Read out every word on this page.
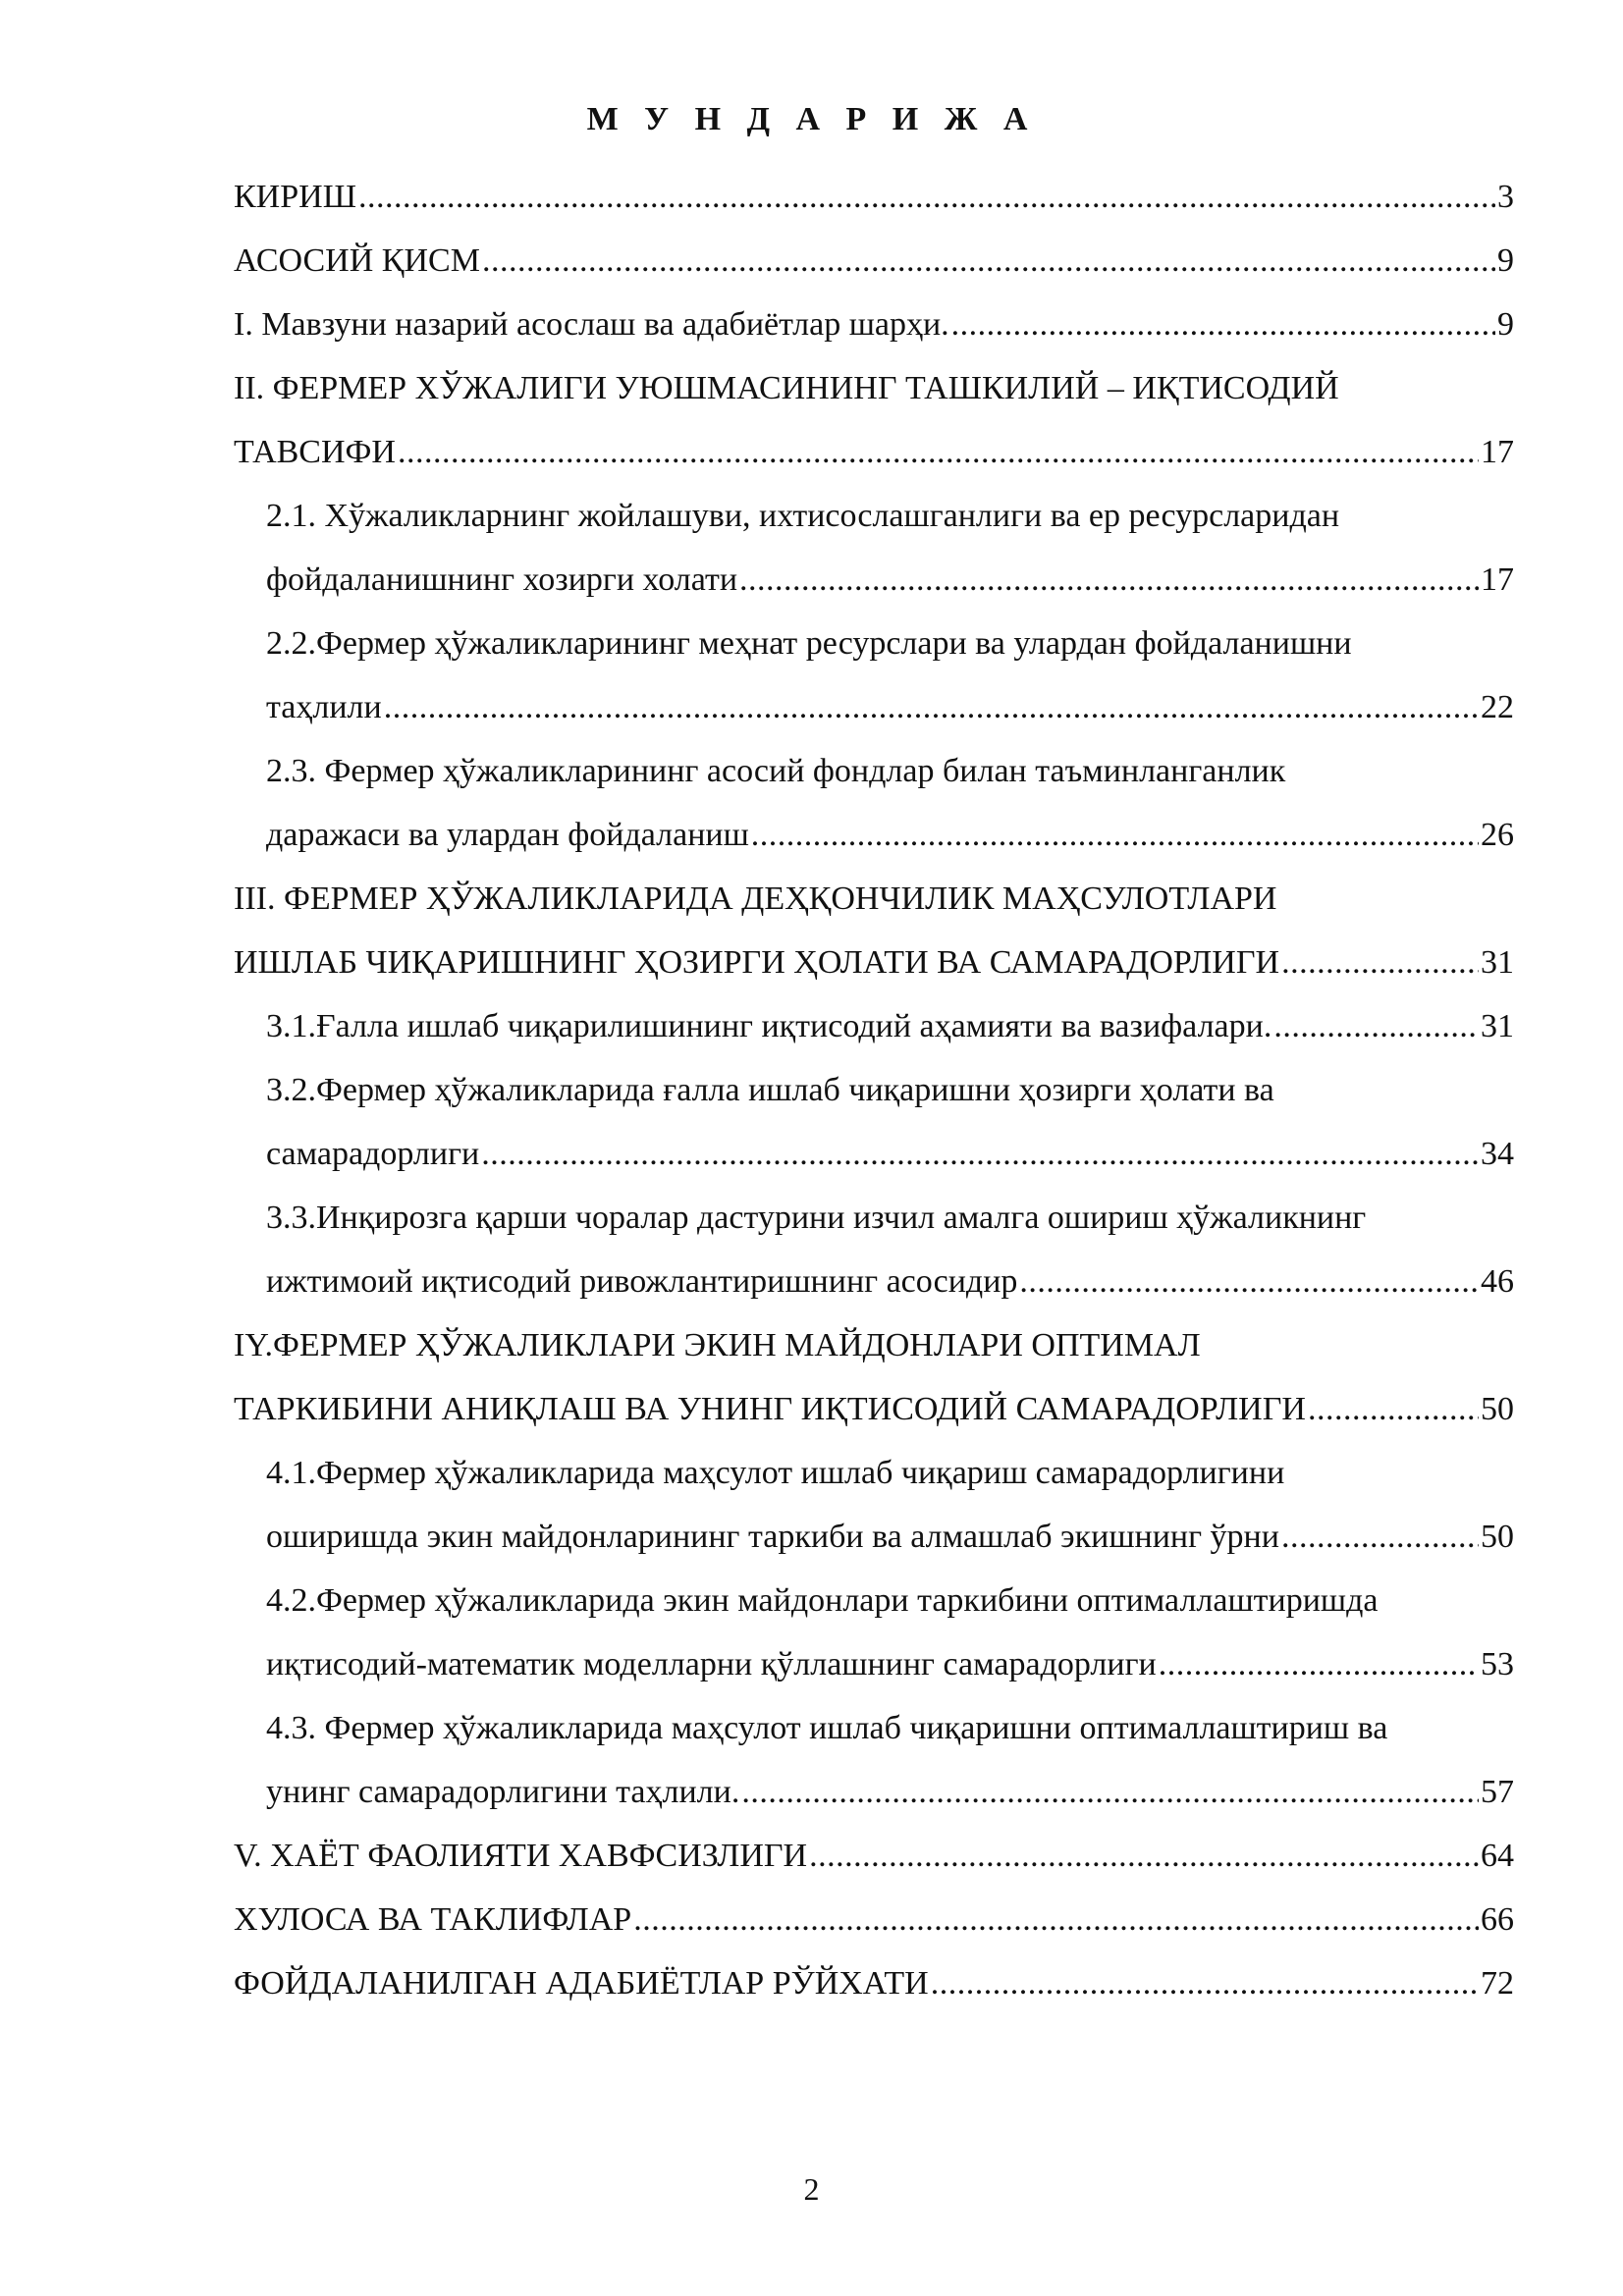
М У Н Д А Р И Ж А
КИРИШ .....	3
АСОСИЙ ҚИСМ .....	9
I. Мавзуни назарий асослаш ва адабиётлар шарҳи. .....	9
II. ФЕРМЕР ХЎЖАЛИГИ УЮШМАСИНИНГ ТАШКИЛИЙ – ИҚТИСОДИЙ
ТАВСИФИ .....	17
2.1. Хўжаликларнинг жойлашуви, ихтисослашганлиги ва ер ресурсларидан
фойдаланишнинг хозирги холати .....	17
2.2.Фермер ҳўжаликларининг меҳнат ресурслари ва улардан фойдаланишни
таҳлили .....	22
2.3. Фермер ҳўжаликларининг асосий фондлар билан таъминланганлик
даражаси ва улардан фойдаланиш .....	26
III. ФЕРМЕР ҲЎЖАЛИКЛАРИДА ДЕҲҚОНЧИЛИК МАҲСУЛОТЛАРИ
ИШЛАБ ЧИҚАРИШНИНГ ҲОЗИРГИ ҲОЛАТИ ВА САМАРАДОРЛИГИ .....	31
3.1.Ғалла ишлаб чиқарилишининг иқтисодий аҳамияти ва вазифалари. .....	31
3.2.Фермер ҳўжаликларида ғалла ишлаб чиқаришни ҳозирги ҳолати ва
самарадорлиги .....	34
3.3.Инқирозга қарши чоралар дастурини изчил амалга ошириш ҳўжаликнинг
ижтимоий иқтисодий ривожлантиришнинг асосидир .....	46
IY.ФЕРМЕР ҲЎЖАЛИКЛАРИ ЭКИН МАЙДОНЛАРИ ОПТИМАЛ
ТАРКИБИНИ АНИҚЛАШ ВА УНИНГ ИҚТИСОДИЙ САМАРАДОРЛИГИ .....	50
4.1.Фермер ҳўжаликларида маҳсулот ишлаб чиқариш самарадорлигини
оширишда экин майдонларининг таркиби ва алмашлаб экишнинг ўрни .....	50
4.2.Фермер ҳўжаликларида экин майдонлари таркибини оптималлаштиришда
иқтисодий-математик моделларни қўллашнинг самарадорлиги .....	53
4.3. Фермер ҳўжаликларида маҳсулот ишлаб чиқаришни оптималлаштириш ва
унинг самарадорлигини таҳлили. .....	57
V. ХАЁТ ФАОЛИЯТИ ХАВФСИЗЛИГИ .....	64
ХУЛОСА ВА ТАКЛИФЛАР .....	66
ФОЙДАЛАНИЛГАН АДАБИЁТЛАР РЎЙХАТИ .....	72
2
